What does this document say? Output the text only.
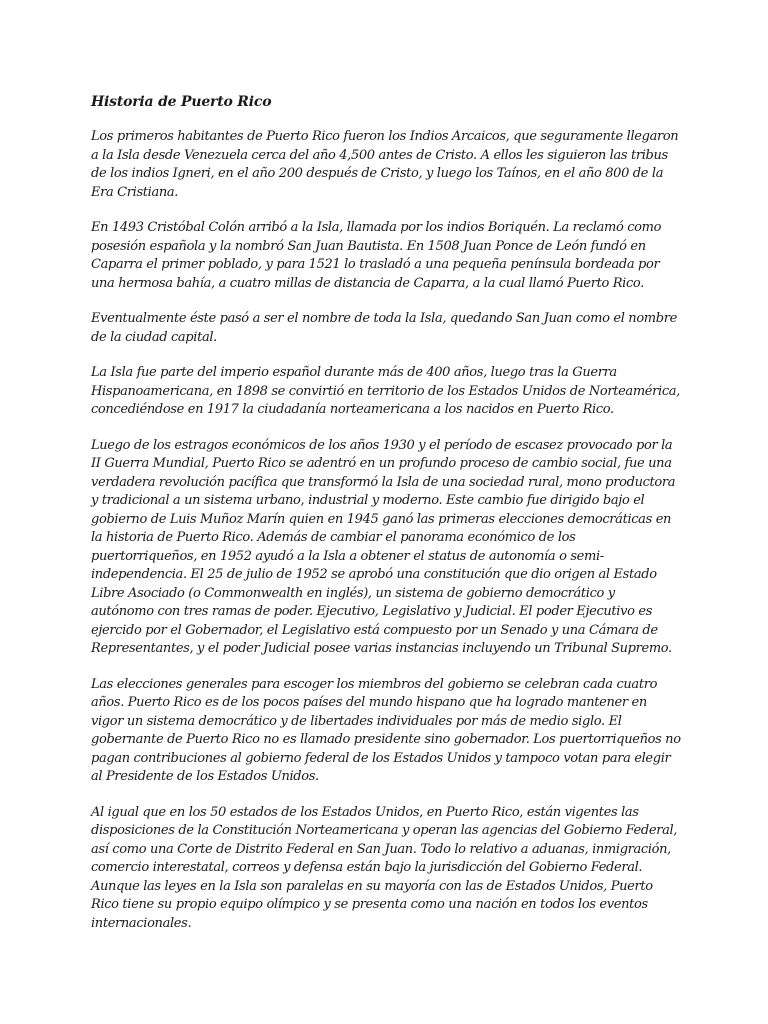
Historia de Puerto Rico

Los primeros habitantes de Puerto Rico fueron los Indios Arcaicos, que seguramente llegaron a la Isla desde Venezuela cerca del año 4,500 antes de Cristo. A ellos les siguieron las tribus de los indios Igneri, en el año 200 después de Cristo, y luego los Taínos, en el año 800 de la Era Cristiana.

En 1493 Cristóbal Colón arribó a la Isla, llamada por los indios Boriquén. La reclamó como posesión española y la nombró San Juan Bautista. En 1508 Juan Ponce de León fundó en Caparra el primer poblado, y para 1521 lo trasladó a una pequeña península bordeada por una hermosa bahía, a cuatro millas de distancia de Caparra, a la cual llamó Puerto Rico.

Eventualmente éste pasó a ser el nombre de toda la Isla, quedando San Juan como el nombre de la ciudad capital.

La Isla fue parte del imperio español durante más de 400 años, luego tras la Guerra Hispanoamericana, en 1898 se convirtió en territorio de los Estados Unidos de Norteamérica, concediéndose en 1917 la ciudadanía norteamericana a los nacidos en Puerto Rico.

Luego de los estragos económicos de los años 1930 y el período de escasez provocado por la II Guerra Mundial, Puerto Rico se adentró en un profundo proceso de cambio social, fue una verdadera revolución pacífica que transformó la Isla de una sociedad rural, mono productora y tradicional a un sistema urbano, industrial y moderno. Este cambio fue dirigido bajo el gobierno de Luis Muñoz Marín quien en 1945 ganó las primeras elecciones democráticas en la historia de Puerto Rico. Además de cambiar el panorama económico de los puertorriqueños, en 1952 ayudó a la Isla a obtener el status de autonomía o semi-independencia. El 25 de julio de 1952 se aprobó una constitución que dio origen al Estado Libre Asociado (o Commonwealth en inglés), un sistema de gobierno democrático y autónomo con tres ramas de poder. Ejecutivo, Legislativo y Judicial. El poder Ejecutivo es ejercido por el Gobernador, el Legislativo está compuesto por un Senado y una Cámara de Representantes, y el poder Judicial posee varias instancias incluyendo un Tribunal Supremo.

Las elecciones generales para escoger los miembros del gobierno se celebran cada cuatro años. Puerto Rico es de los pocos países del mundo hispano que ha logrado mantener en vigor un sistema democrático y de libertades individuales por más de medio siglo. El gobernante de Puerto Rico no es llamado presidente sino gobernador. Los puertorriqueños no pagan contribuciones al gobierno federal de los Estados Unidos y tampoco votan para elegir al Presidente de los Estados Unidos.

Al igual que en los 50 estados de los Estados Unidos, en Puerto Rico, están vigentes las disposiciones de la Constitución Norteamericana y operan las agencias del Gobierno Federal, así como una Corte de Distrito Federal en San Juan. Todo lo relativo a aduanas, inmigración, comercio interestatal, correos y defensa están bajo la jurisdicción del Gobierno Federal. Aunque las leyes en la Isla son paralelas en su mayoría con las de Estados Unidos, Puerto Rico tiene su propio equipo olímpico y se presenta como una nación en todos los eventos internacionales.
